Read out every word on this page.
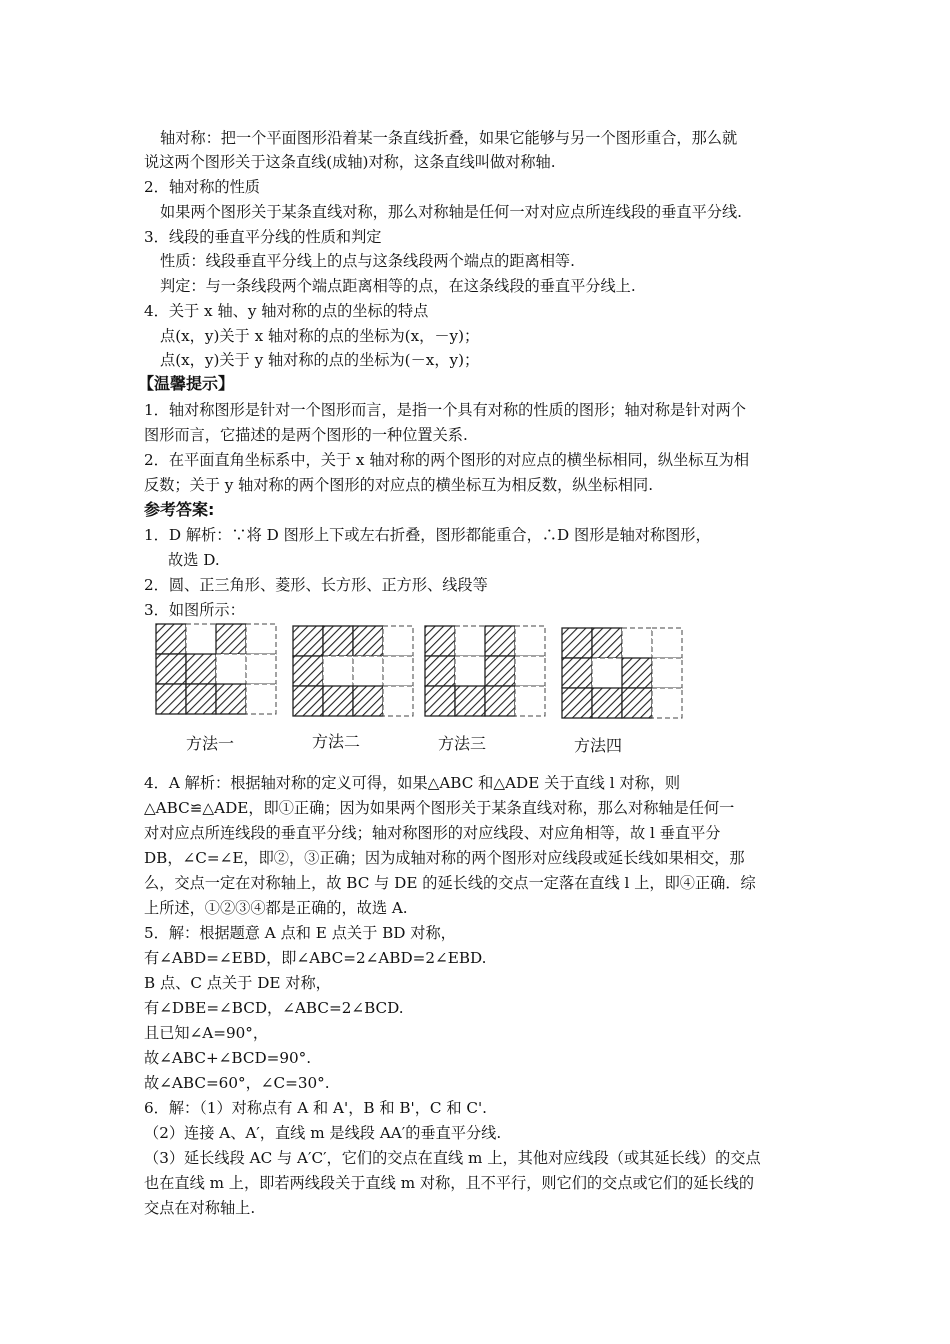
轴对称：把一个平面图形沿着某一条直线折叠，如果它能够与另一个图形重合，那么就
说这两个图形关于这条直线(成轴)对称，这条直线叫做对称轴.
2．轴对称的性质
如果两个图形关于某条直线对称，那么对称轴是任何一对对应点所连线段的垂直平分线.
3．线段的垂直平分线的性质和判定
性质：线段垂直平分线上的点与这条线段两个端点的距离相等.
判定：与一条线段两个端点距离相等的点，在这条线段的垂直平分线上.
4．关于 x 轴、y 轴对称的点的坐标的特点
点(x，y)关于 x 轴对称的点的坐标为(x，－y)；
点(x，y)关于 y 轴对称的点的坐标为(－x，y)；
【温馨提示】
1．轴对称图形是针对一个图形而言，是指一个具有对称的性质的图形；轴对称是针对两个
图形而言，它描述的是两个图形的一种位置关系.
2．在平面直角坐标系中，关于 x 轴对称的两个图形的对应点的横坐标相同，纵坐标互为相
反数；关于 y 轴对称的两个图形的对应点的横坐标互为相反数，纵坐标相同.
参考答案:
1．D 解析：∵将 D 图形上下或左右折叠，图形都能重合，∴D 图形是轴对称图形，
故选 D.
2．圆、正三角形、菱形、长方形、正方形、线段等
3．如图所示：
方法一	方法二	方法三	方法四
4．A 解析：根据轴对称的定义可得，如果△ABC 和△ADE 关于直线 l 对称，则
△ABC≌△ADE，即①正确；因为如果两个图形关于某条直线对称，那么对称轴是任何一
对对应点所连线段的垂直平分线；轴对称图形的对应线段、对应角相等，故 l 垂直平分
DB，∠C=∠E，即②，③正确；因为成轴对称的两个图形对应线段或延长线如果相交，那
么，交点一定在对称轴上，故 BC 与 DE 的延长线的交点一定落在直线 l 上，即④正确．综
上所述，①②③④都是正确的，故选 A.
5．解：根据题意 A 点和 E 点关于 BD 对称，
有∠ABD=∠EBD，即∠ABC=2∠ABD=2∠EBD.
B 点、C 点关于 DE 对称，
有∠DBE=∠BCD，∠ABC=2∠BCD.
且已知∠A=90°，
故∠ABC+∠BCD=90°.
故∠ABC=60°，∠C=30°.
6．解：（1）对称点有 A 和 A'，B 和 B'，C 和 C'.
（2）连接 A、A′，直线 m 是线段 AA′的垂直平分线.
（3）延长线段 AC 与 A′C′，它们的交点在直线 m 上，其他对应线段（或其延长线）的交点
也在直线 m 上，即若两线段关于直线 m 对称，且不平行，则它们的交点或它们的延长线的
交点在对称轴上.
